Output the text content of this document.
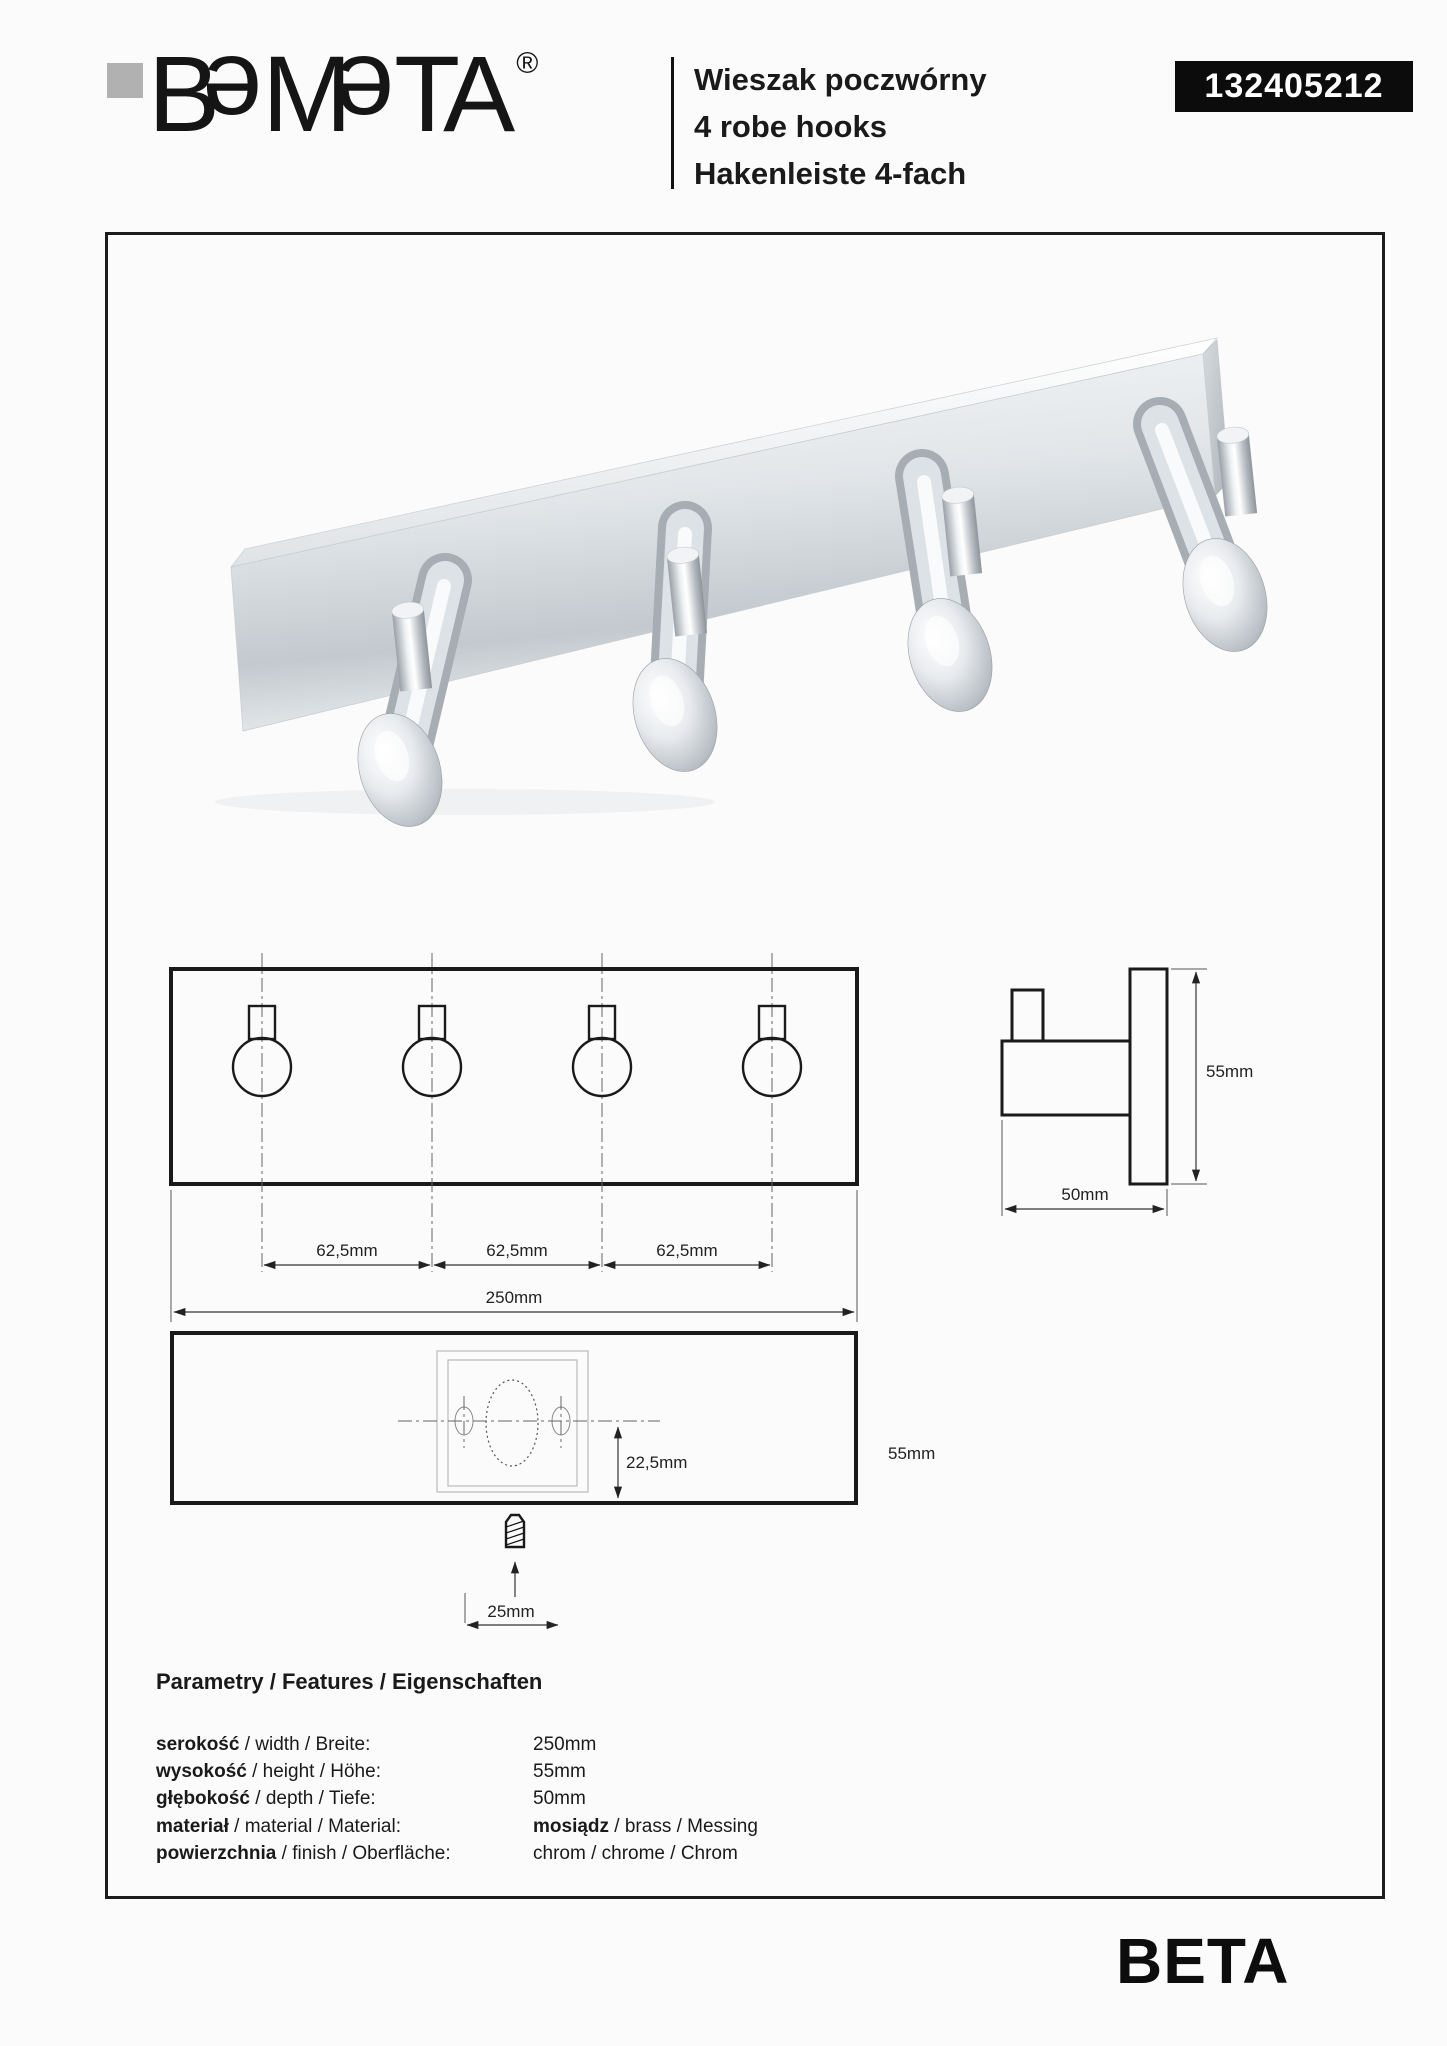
BeMeTA ®	Wieszak poczwórny
4 robe hooks
Hakenleiste 4-fach
132405212
62,5mm	62,5mm	62,5mm
250mm
55mm
50mm
55mm
22,5mm
25mm
Parametry / Features / Eigenschaften
serokość / width / Breite:	250mm
wysokość / height / Höhe:	55mm
głębokość / depth / Tiefe:	50mm
materiał / material / Material:	mosiądz / brass / Messing
powierzchnia / finish / Oberfläche:	chrom / chrome / Chrom
BETA
